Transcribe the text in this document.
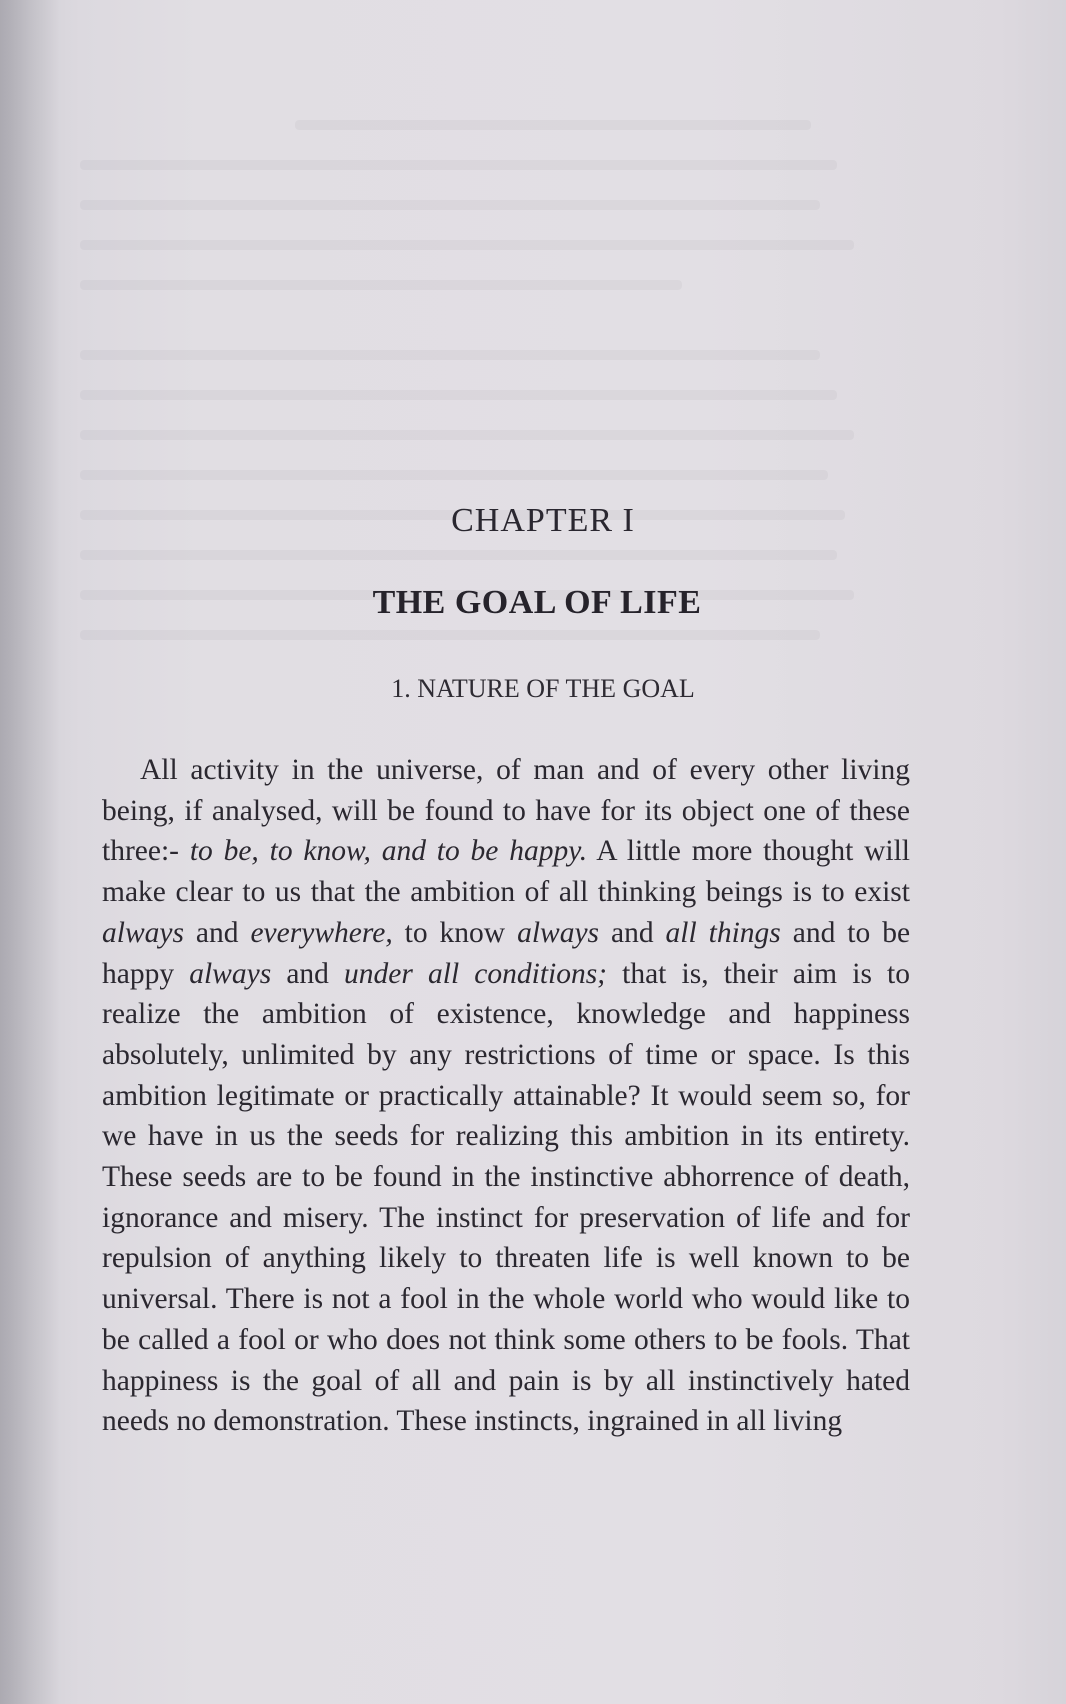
CHAPTER I
THE GOAL OF LIFE
1. NATURE OF THE GOAL

All activity in the universe, of man and of every other living being, if analysed, will be found to have for its object one of these three:- to be, to know, and to be happy. A little more thought will make clear to us that the ambition of all thinking beings is to exist always and everywhere, to know always and all things and to be happy always and under all conditions; that is, their aim is to realize the ambition of existence, knowledge and happiness absolutely, unlimited by any restrictions of time or space. Is this ambition legitimate or practically attainable? It would seem so, for we have in us the seeds for realizing this ambition in its entirety. These seeds are to be found in the instinctive abhorrence of death, ignorance and misery. The instinct for preservation of life and for repulsion of anything likely to threaten life is well known to be universal. There is not a fool in the whole world who would like to be called a fool or who does not think some others to be fools. That happiness is the goal of all and pain is by all instinctively hated needs no demonstration. These instincts, ingrained in all living
